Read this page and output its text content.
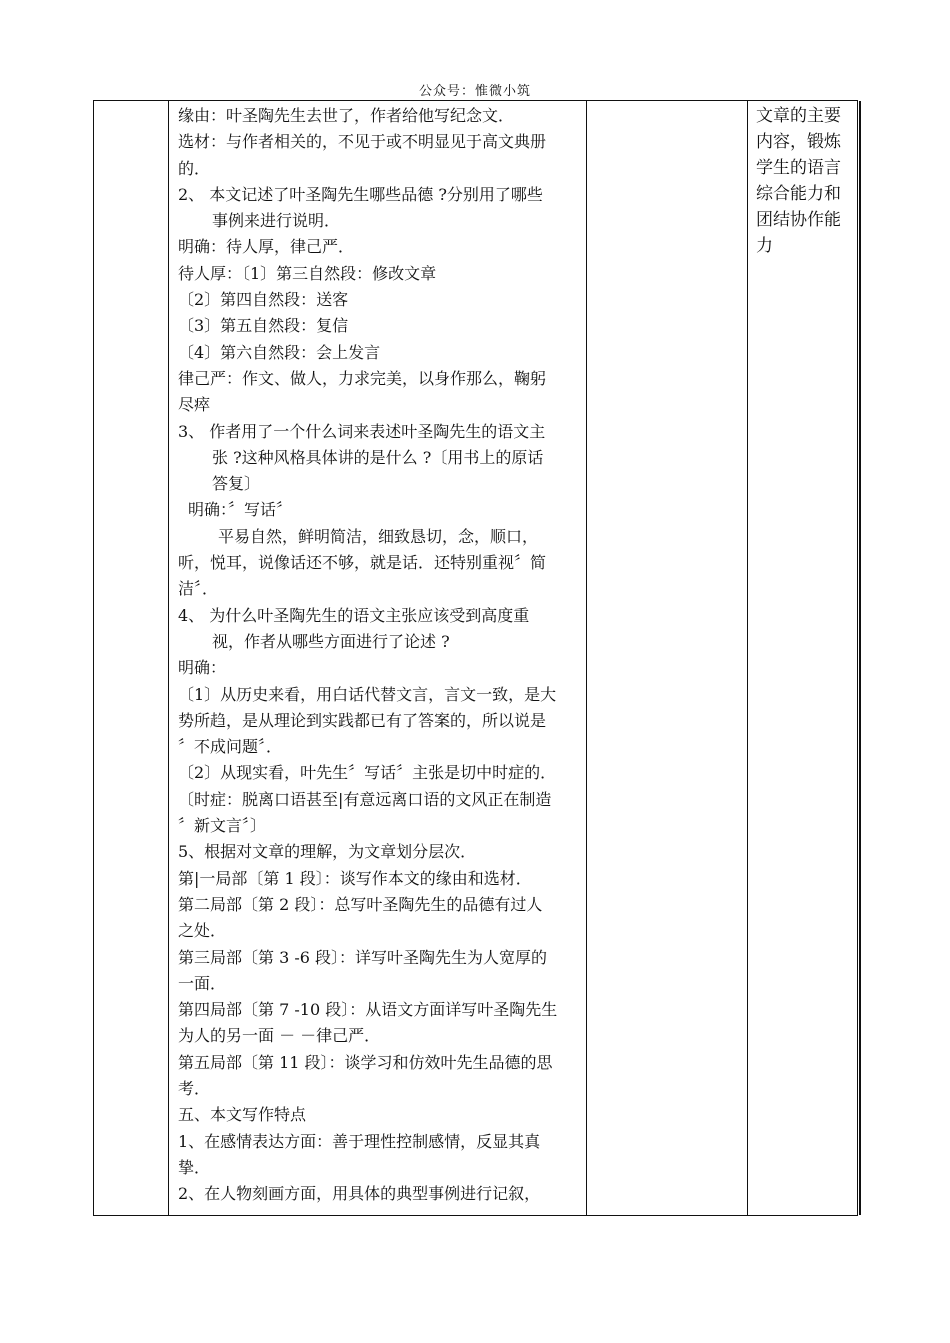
公众号：惟微小筑
缘由：叶圣陶先生去世了，作者给他写纪念文．
选材：与作者相关的，不见于或不明显见于高文典册
的．
2、 本文记述了叶圣陶先生哪些品德 ?分别用了哪些
事例来进行说明．
明确：待人厚，律己严．
待人厚：〔1〕第三自然段：修改文章
〔2〕第四自然段：送客
〔3〕第五自然段：复信
〔4〕第六自然段：会上发言
律己严：作文、做人，力求完美，以身作那么，鞠躬
尽瘁
3、 作者用了一个什么词来表述叶圣陶先生的语文主
张 ?这种风格具体讲的是什么 ?〔用书上的原话
答复〕
明确：〞写话〞
平易自然，鲜明简洁，细致恳切，念，顺口，
听，悦耳，说像话还不够，就是话．还特别重视〞简
洁〞．
4、 为什么叶圣陶先生的语文主张应该受到高度重
视，作者从哪些方面进行了论述 ?
明确：
〔1〕从历史来看，用白话代替文言，言文一致，是大
势所趋，是从理论到实践都已有了答案的，所以说是
〞不成问题〞．
〔2〕从现实看，叶先生〞写话〞主张是切中时症的．
〔时症：脱离口语甚至|有意远离口语的文风正在制造
〞新文言〞〕
5、根据对文章的理解，为文章划分层次．
第|一局部〔第 1 段〕：谈写作本文的缘由和选材．
第二局部〔第 2 段〕：总写叶圣陶先生的品德有过人
之处．
第三局部〔第 3 -6 段〕：详写叶圣陶先生为人宽厚的
一面．
第四局部〔第 7 -10 段〕：从语文方面详写叶圣陶先生
为人的另一面 － －律己严．
第五局部〔第 11 段〕：谈学习和仿效叶先生品德的思
考．
五、本文写作特点
1、在感情表达方面：善于理性控制感情，反显其真
挚．
2、在人物刻画方面，用具体的典型事例进行记叙，
文章的主要
内容，锻炼
学生的语言
综合能力和
团结协作能
力
